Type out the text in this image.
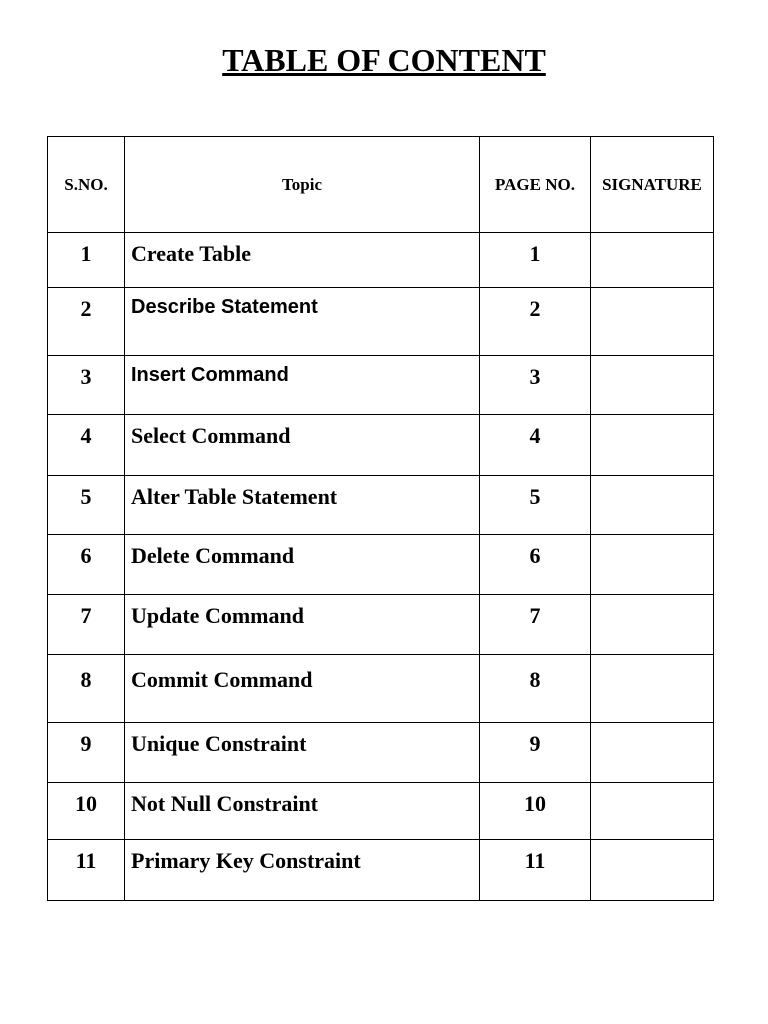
TABLE OF CONTENT
S.NO.	Topic	PAGE NO.	SIGNATURE

1	Create Table	1	

2	Describe Statement	2	

3	Insert Command	3	

4	Select Command	4	

5	Alter Table Statement	5	

6	Delete Command	6	

7	Update Command	7	

8	Commit Command	8	

9	Unique Constraint	9	

10	Not Null Constraint	10	

11	Primary Key Constraint	11	
